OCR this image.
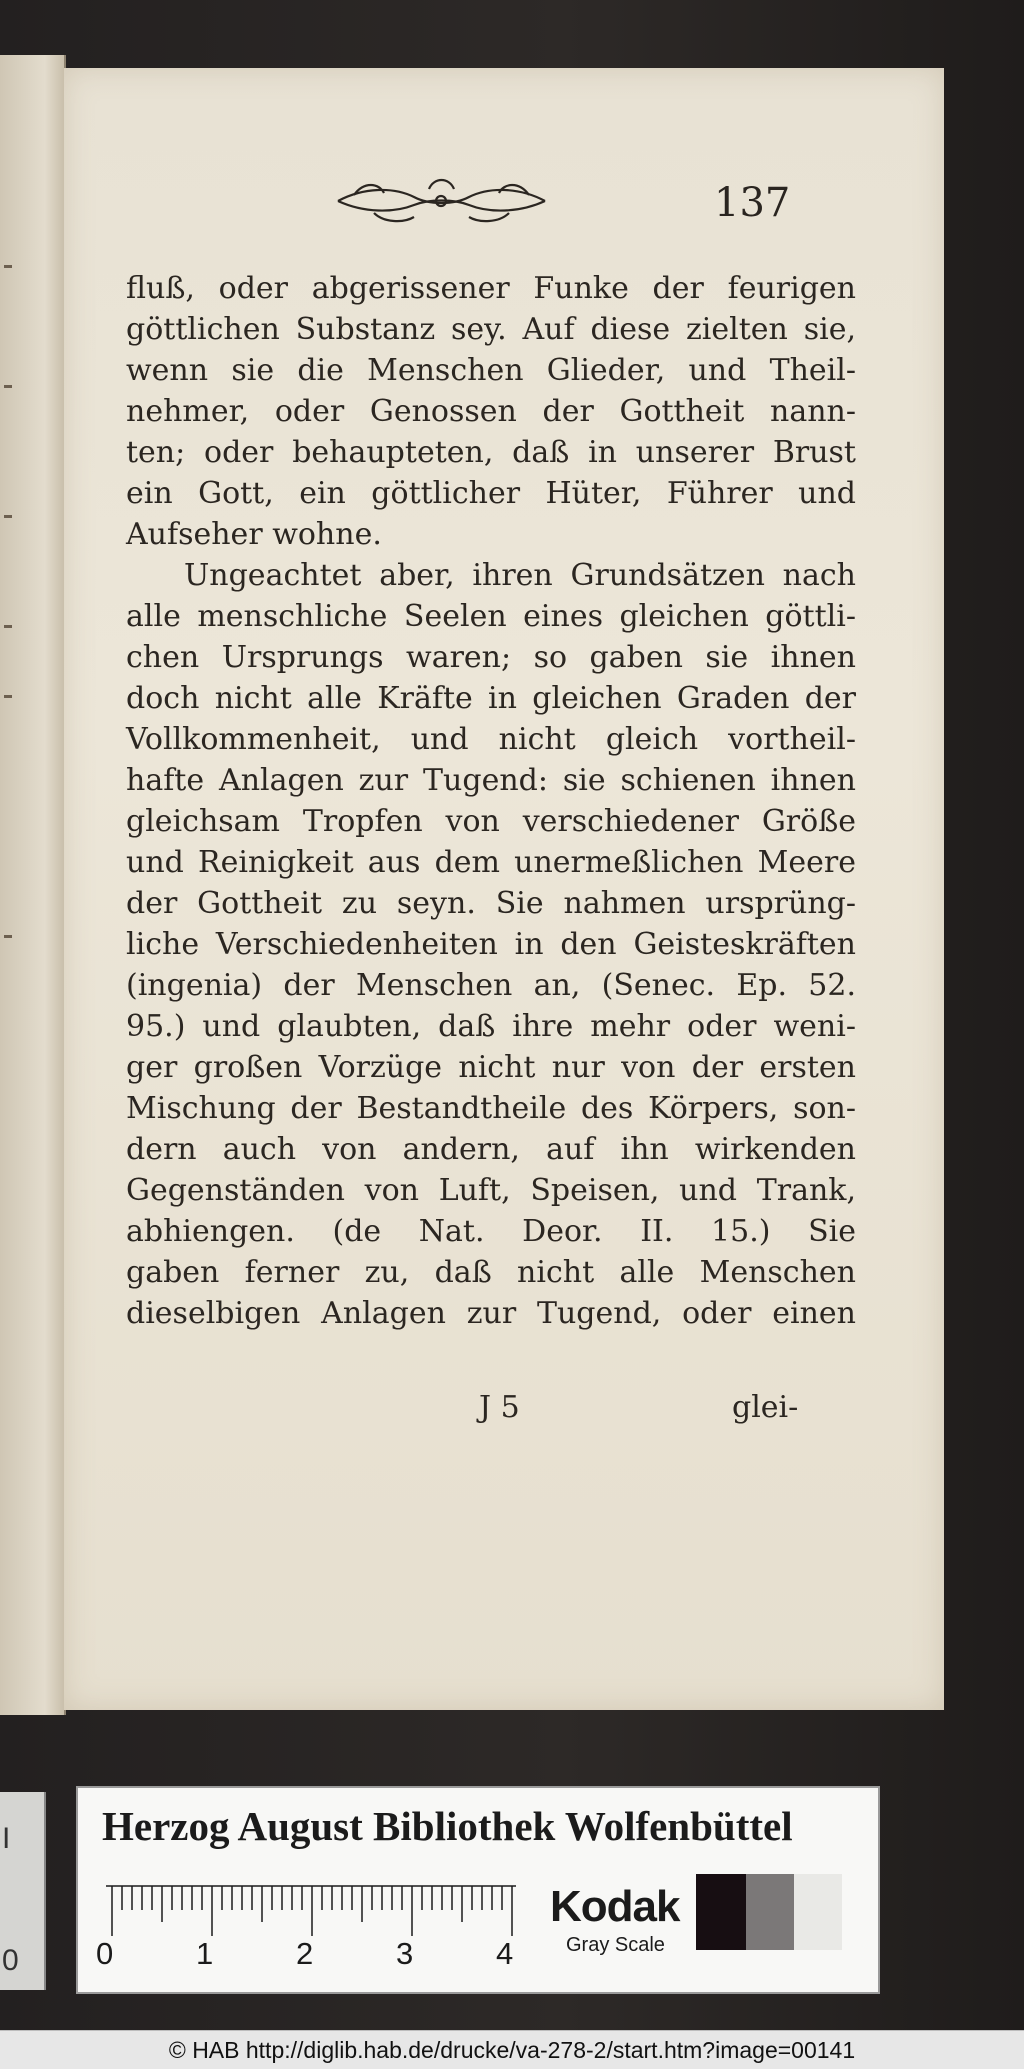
137
fluß, oder abgerissener Funke der feurigen
göttlichen Substanz sey. Auf diese zielten sie,
wenn sie die Menschen Glieder, und Theil-
nehmer, oder Genossen der Gottheit nann-
ten; oder behaupteten, daß in unserer Brust
ein Gott, ein göttlicher Hüter, Führer und
Aufseher wohne.
Ungeachtet aber, ihren Grundsätzen nach
alle menschliche Seelen eines gleichen göttli-
chen Ursprungs waren; so gaben sie ihnen
doch nicht alle Kräfte in gleichen Graden der
Vollkommenheit, und nicht gleich vortheil-
hafte Anlagen zur Tugend: sie schienen ihnen
gleichsam Tropfen von verschiedener Größe
und Reinigkeit aus dem unermeßlichen Meere
der Gottheit zu seyn. Sie nahmen ursprüng-
liche Verschiedenheiten in den Geisteskräften
(ingenia) der Menschen an, (Senec. Ep. 52.
95.) und glaubten, daß ihre mehr oder weni-
ger großen Vorzüge nicht nur von der ersten
Mischung der Bestandtheile des Körpers, son-
dern auch von andern, auf ihn wirkenden
Gegenständen von Luft, Speisen, und Trank,
abhiengen. (de Nat. Deor. II. 15.) Sie
gaben ferner zu, daß nicht alle Menschen
dieselbigen Anlagen zur Tugend, oder einen
J 5	glei-
I
0
Herzog August Bibliothek Wolfenbüttel
0	1	2	3	4
Kodak
Gray Scale
© HAB http://diglib.hab.de/drucke/va-278-2/start.htm?image=00141
